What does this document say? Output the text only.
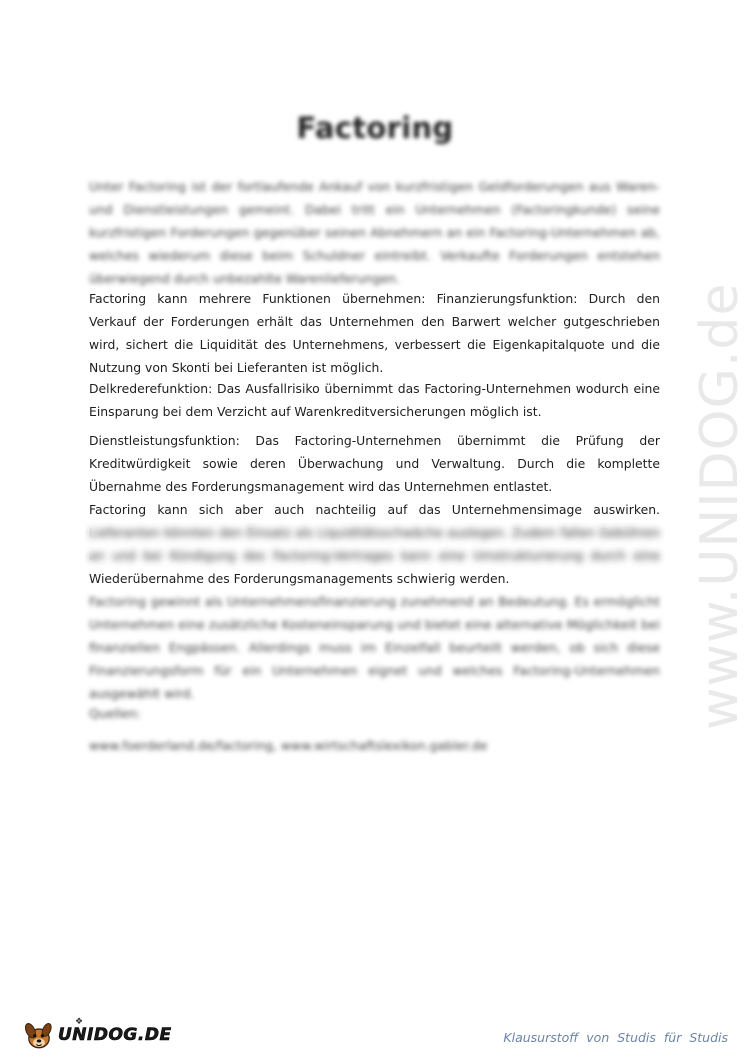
www.UNIDOG.de
Factoring

Unter Factoring ist der fortlaufende Ankauf von kurzfristigen Geldforderungen aus Waren- und Dienstleistungen gemeint. Dabei tritt ein Unternehmen (Factoringkunde) seine kurzfristigen Forderungen gegenüber seinen Abnehmern an ein Factoring-Unternehmen ab, welches wiederum diese beim Schuldner eintreibt. Verkaufte Forderungen entstehen überwiegend durch unbezahlte Warenlieferungen.

Factoring kann mehrere Funktionen übernehmen: Finanzierungsfunktion: Durch den Verkauf der Forderungen erhält das Unternehmen den Barwert welcher gutgeschrieben wird, sichert die Liquidität des Unternehmens, verbessert die Eigenkapitalquote und die Nutzung von Skonti bei Lieferanten ist möglich.

Delkrederefunktion: Das Ausfallrisiko übernimmt das Factoring-Unternehmen wodurch eine Einsparung bei dem Verzicht auf Warenkreditversicherungen möglich ist.

Dienstleistungsfunktion: Das Factoring-Unternehmen übernimmt die Prüfung der Kreditwürdigkeit sowie deren Überwachung und Verwaltung. Durch die komplette Übernahme des Forderungsmanagement wird das Unternehmen entlastet.

Factoring kann sich aber auch nachteilig auf das Unternehmensimage auswirken. Lieferanten könnten den Einsatz als Liquiditätsschwäche auslegen. Zudem fallen Gebühren an und bei Kündigung des Factoring-Vertrages kann eine Umstrukturierung durch eine Wiederübernahme des Forderungsmanagements schwierig werden.

Factoring gewinnt als Unternehmensfinanzierung zunehmend an Bedeutung. Es ermöglicht Unternehmen eine zusätzliche Kosteneinsparung und bietet eine alternative Möglichkeit bei finanziellen Engpässen. Allerdings muss im Einzelfall beurteilt werden, ob sich diese Finanzierungsform für ein Unternehmen eignet und welches Factoring-Unternehmen ausgewählt wird.

Quellen:

www.foerderland.de/factoring, www.wirtschaftslexikon.gabler.de

UNIDOG.DE
❖
Klausurstoff von Studis für Studis
